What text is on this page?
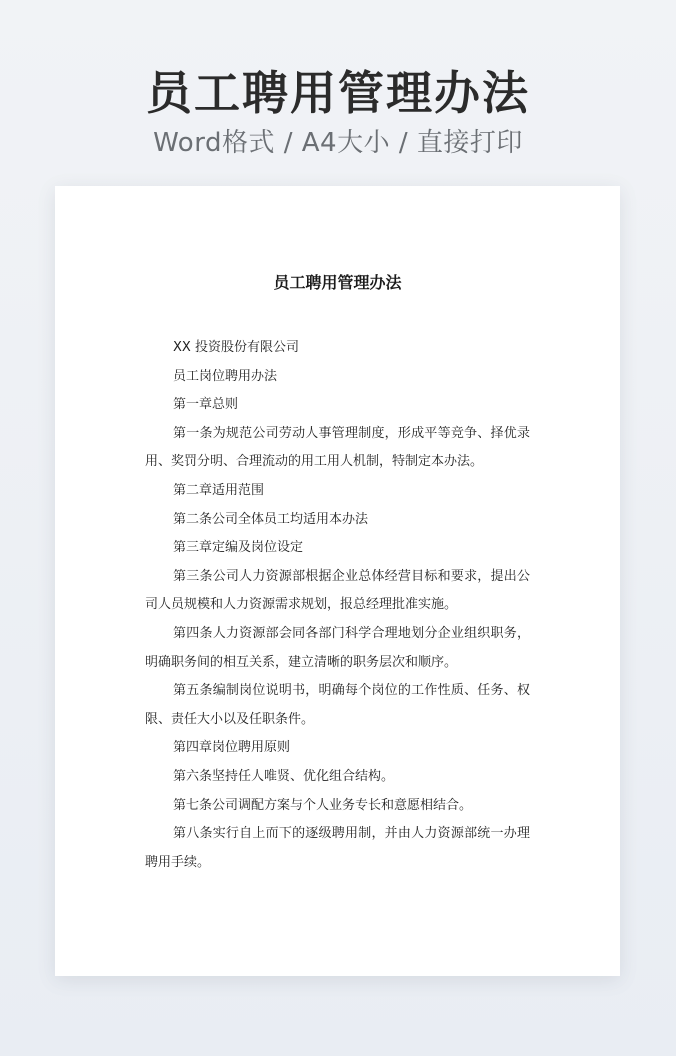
员工聘用管理办法
Word格式 / A4大小 / 直接打印
员工聘用管理办法

XX 投资股份有限公司

员工岗位聘用办法

第一章总则

第一条为规范公司劳动人事管理制度，形成平等竞争、择优录用、奖罚分明、合理流动的用工用人机制，特制定本办法。

第二章适用范围

第二条公司全体员工均适用本办法

第三章定编及岗位设定

第三条公司人力资源部根据企业总体经营目标和要求，提出公司人员规模和人力资源需求规划，报总经理批准实施。

第四条人力资源部会同各部门科学合理地划分企业组织职务，明确职务间的相互关系，建立清晰的职务层次和顺序。

第五条编制岗位说明书，明确每个岗位的工作性质、任务、权限、责任大小以及任职条件。

第四章岗位聘用原则

第六条坚持任人唯贤、优化组合结构。

第七条公司调配方案与个人业务专长和意愿相结合。

第八条实行自上而下的逐级聘用制，并由人力资源部统一办理聘用手续。
